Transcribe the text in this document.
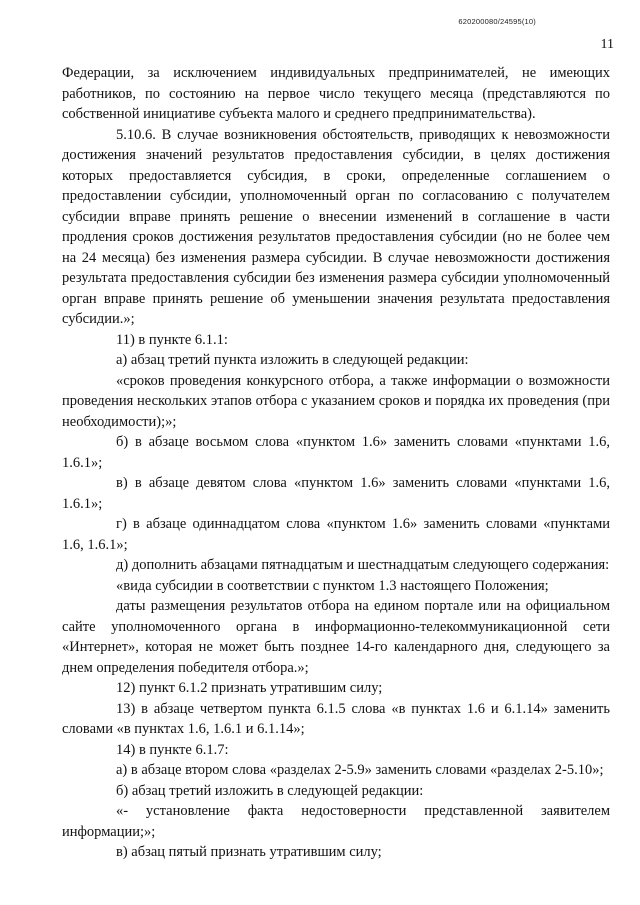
620200080/24595(10)
11

Федерации, за исключением индивидуальных предпринимателей, не имеющих работников, по состоянию на первое число текущего месяца (представляются по собственной инициативе субъекта малого и среднего предпринимательства).

5.10.6. В случае возникновения обстоятельств, приводящих к невозможности достижения значений результатов предоставления субсидии, в целях достижения которых предоставляется субсидия, в сроки, определенные соглашением о предоставлении субсидии, уполномоченный орган по согласованию с получателем субсидии вправе принять решение о внесении изменений в соглашение в части продления сроков достижения результатов предоставления субсидии (но не более чем на 24 месяца) без изменения размера субсидии. В случае невозможности достижения результата предоставления субсидии без изменения размера субсидии уполномоченный орган вправе принять решение об уменьшении значения результата предоставления субсидии.»;

11) в пункте 6.1.1:

а) абзац третий пункта изложить в следующей редакции:

«сроков проведения конкурсного отбора, а также информации о возможности проведения нескольких этапов отбора с указанием сроков и порядка их проведения (при необходимости);»;

б) в абзаце восьмом слова «пунктом 1.6» заменить словами «пунктами 1.6, 1.6.1»;

в) в абзаце девятом слова «пунктом 1.6» заменить словами «пунктами 1.6, 1.6.1»;

г) в абзаце одиннадцатом слова «пунктом 1.6» заменить словами «пунктами 1.6, 1.6.1»;

д) дополнить абзацами пятнадцатым и шестнадцатым следующего содержания:

«вида субсидии в соответствии с пунктом 1.3 настоящего Положения;

даты размещения результатов отбора на едином портале или на официальном сайте уполномоченного органа в информационно-телекоммуникационной сети «Интернет», которая не может быть позднее 14-го календарного дня, следующего за днем определения победителя отбора.»;

12) пункт 6.1.2 признать утратившим силу;

13) в абзаце четвертом пункта 6.1.5 слова «в пунктах 1.6 и 6.1.14» заменить словами «в пунктах 1.6, 1.6.1 и 6.1.14»;

14) в пункте 6.1.7:

а) в абзаце втором слова «разделах 2-5.9» заменить словами «разделах 2-5.10»;

б) абзац третий изложить в следующей редакции:

«- установление факта недостоверности представленной заявителем информации;»;

в) абзац пятый признать утратившим силу;
